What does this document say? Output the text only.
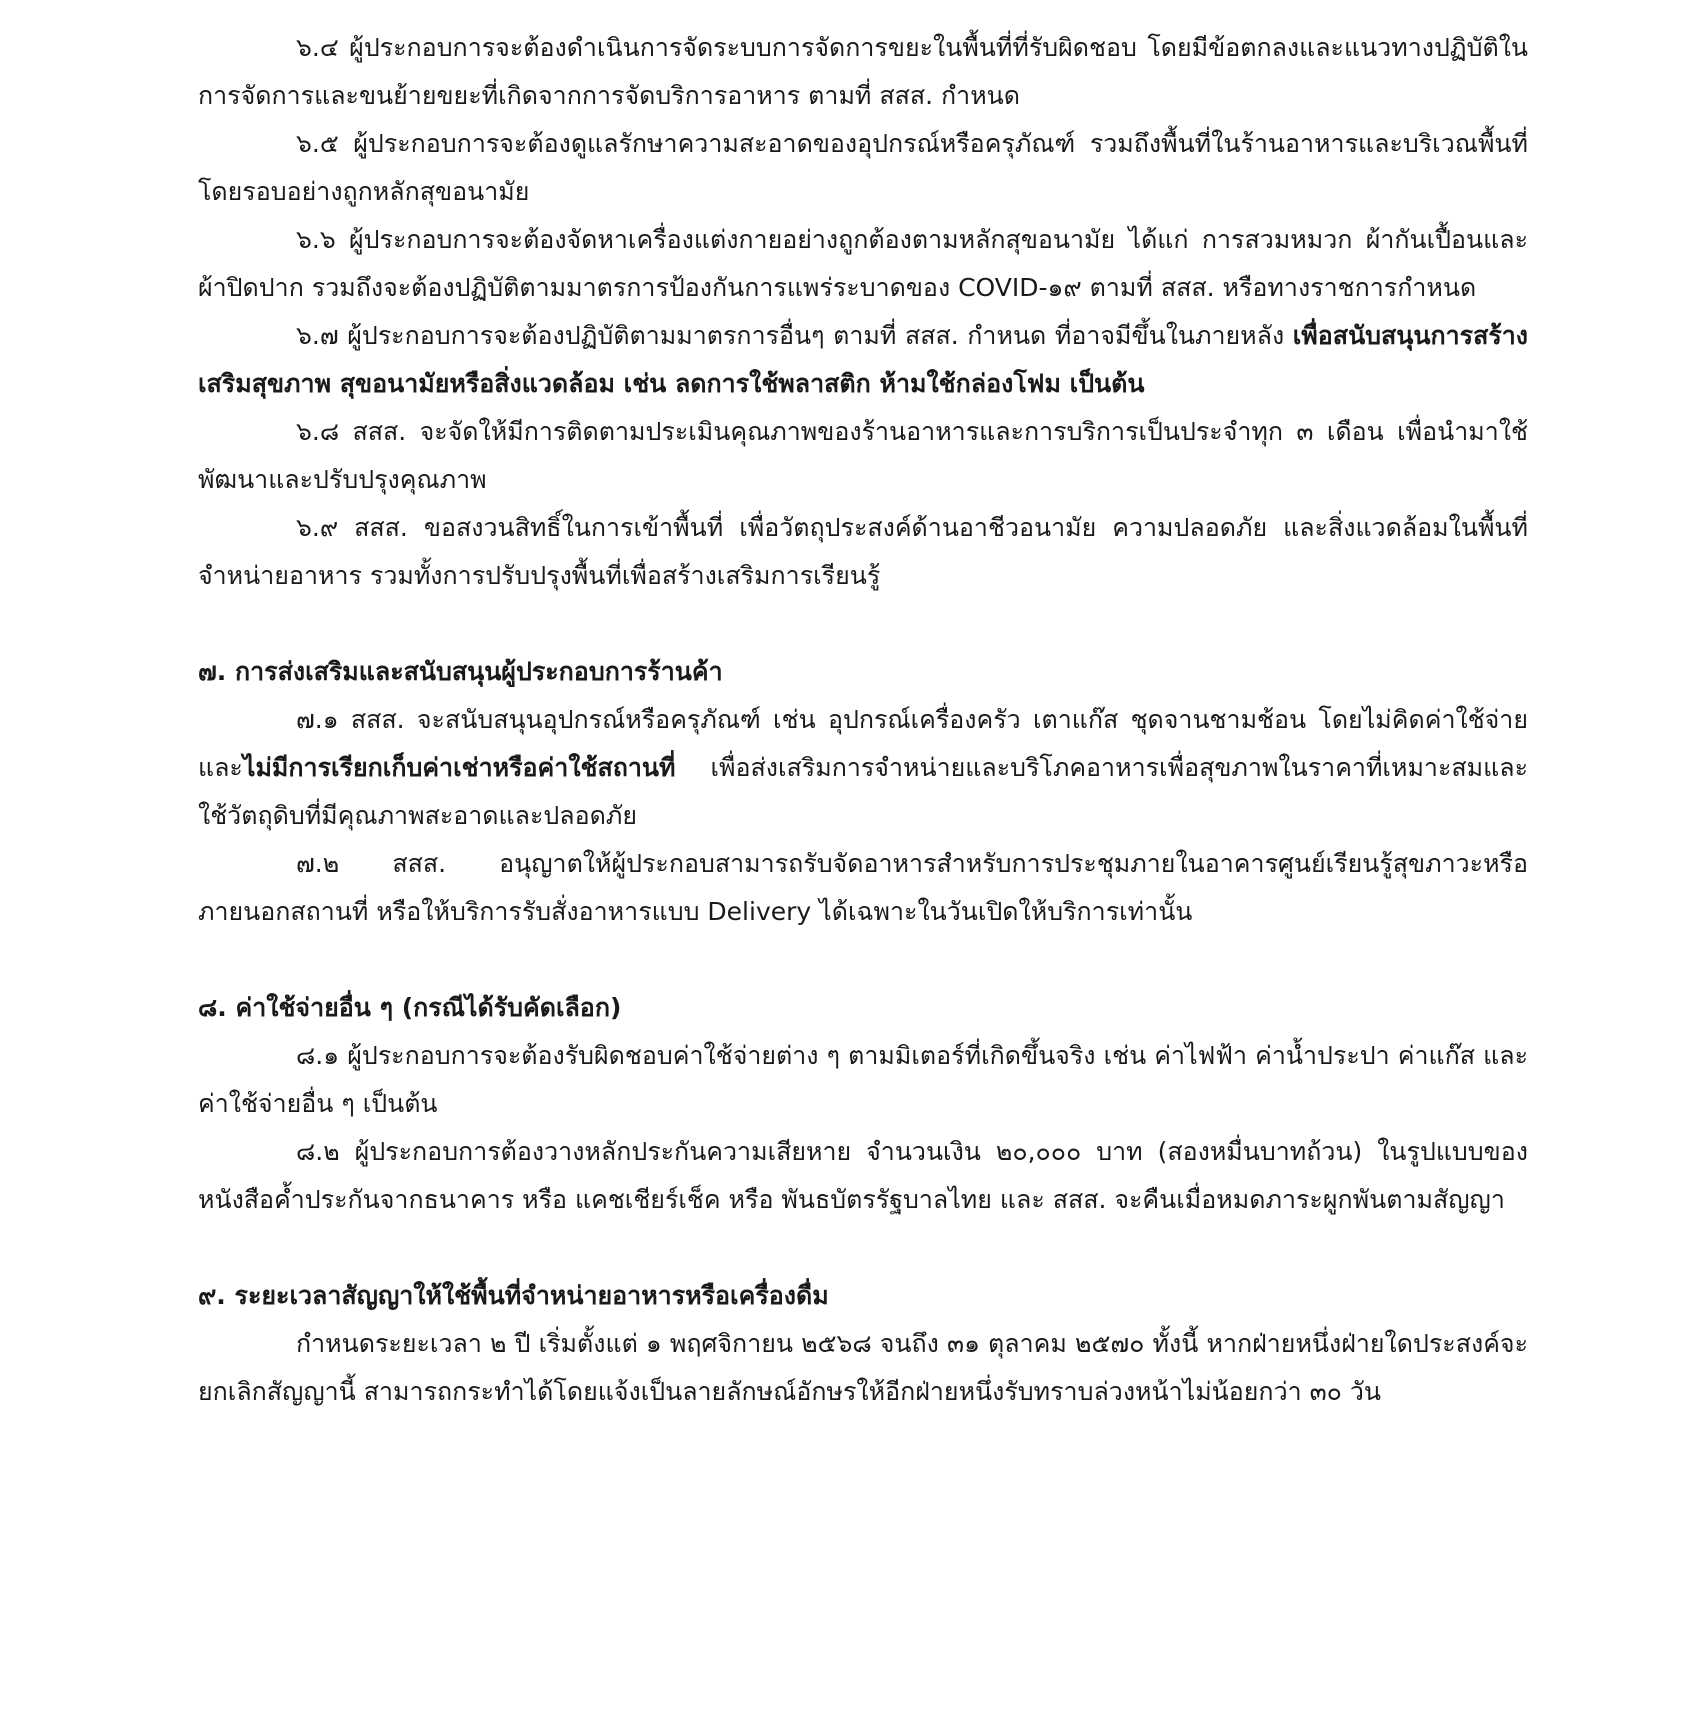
๖.๔ ผู้ประกอบการจะต้องดำเนินการจัดระบบการจัดการขยะในพื้นที่ที่รับผิดชอบ โดยมีข้อตกลงและแนวทางปฏิบัติในการจัดการและขนย้ายขยะที่เกิดจากการจัดบริการอาหาร ตามที่ สสส. กำหนด

๖.๕ ผู้ประกอบการจะต้องดูแลรักษาความสะอาดของอุปกรณ์หรือครุภัณฑ์ รวมถึงพื้นที่ในร้านอาหารและบริเวณพื้นที่โดยรอบอย่างถูกหลักสุขอนามัย

๖.๖ ผู้ประกอบการจะต้องจัดหาเครื่องแต่งกายอย่างถูกต้องตามหลักสุขอนามัย ได้แก่ การสวมหมวก ผ้ากันเปื้อนและผ้าปิดปาก รวมถึงจะต้องปฏิบัติตามมาตรการป้องกันการแพร่ระบาดของ COVID-๑๙ ตามที่ สสส. หรือทางราชการกำหนด

๖.๗ ผู้ประกอบการจะต้องปฏิบัติตามมาตรการอื่นๆ ตามที่ สสส. กำหนด ที่อาจมีขึ้นในภายหลัง เพื่อสนับสนุนการสร้างเสริมสุขภาพ สุขอนามัยหรือสิ่งแวดล้อม เช่น ลดการใช้พลาสติก ห้ามใช้กล่องโฟม เป็นต้น

๖.๘ สสส. จะจัดให้มีการติดตามประเมินคุณภาพของร้านอาหารและการบริการเป็นประจำทุก ๓ เดือน เพื่อนำมาใช้พัฒนาและปรับปรุงคุณภาพ

๖.๙ สสส. ขอสงวนสิทธิ์ในการเข้าพื้นที่ เพื่อวัตถุประสงค์ด้านอาชีวอนามัย ความปลอดภัย และสิ่งแวดล้อมในพื้นที่จำหน่ายอาหาร รวมทั้งการปรับปรุงพื้นที่เพื่อสร้างเสริมการเรียนรู้

๗. การส่งเสริมและสนับสนุนผู้ประกอบการร้านค้า

๗.๑ สสส. จะสนับสนุนอุปกรณ์หรือครุภัณฑ์ เช่น อุปกรณ์เครื่องครัว เตาแก๊ส ชุดจานชามช้อน โดยไม่คิดค่าใช้จ่าย และไม่มีการเรียกเก็บค่าเช่าหรือค่าใช้สถานที่ เพื่อส่งเสริมการจำหน่ายและบริโภคอาหารเพื่อสุขภาพในราคาที่เหมาะสมและใช้วัตถุดิบที่มีคุณภาพสะอาดและปลอดภัย

๗.๒ สสส. อนุญาตให้ผู้ประกอบสามารถรับจัดอาหารสำหรับการประชุมภายในอาคารศูนย์เรียนรู้สุขภาวะหรือภายนอกสถานที่ หรือให้บริการรับสั่งอาหารแบบ Delivery ได้เฉพาะในวันเปิดให้บริการเท่านั้น

๘. ค่าใช้จ่ายอื่น ๆ (กรณีได้รับคัดเลือก)

๘.๑ ผู้ประกอบการจะต้องรับผิดชอบค่าใช้จ่ายต่าง ๆ ตามมิเตอร์ที่เกิดขึ้นจริง เช่น ค่าไฟฟ้า ค่าน้ำประปา ค่าแก๊ส และค่าใช้จ่ายอื่น ๆ เป็นต้น

๘.๒ ผู้ประกอบการต้องวางหลักประกันความเสียหาย จำนวนเงิน ๒๐,๐๐๐ บาท (สองหมื่นบาทถ้วน) ในรูปแบบของหนังสือค้ำประกันจากธนาคาร หรือ แคชเชียร์เช็ค หรือ พันธบัตรรัฐบาลไทย และ สสส. จะคืนเมื่อหมดภาระผูกพันตามสัญญา

๙. ระยะเวลาสัญญาให้ใช้พื้นที่จำหน่ายอาหารหรือเครื่องดื่ม

กำหนดระยะเวลา ๒ ปี เริ่มตั้งแต่ ๑ พฤศจิกายน ๒๕๖๘ จนถึง ๓๑ ตุลาคม ๒๕๗๐ ทั้งนี้ หากฝ่ายหนึ่งฝ่ายใดประสงค์จะยกเลิกสัญญานี้ สามารถกระทำได้โดยแจ้งเป็นลายลักษณ์อักษรให้อีกฝ่ายหนึ่งรับทราบล่วงหน้าไม่น้อยกว่า ๓๐ วัน
